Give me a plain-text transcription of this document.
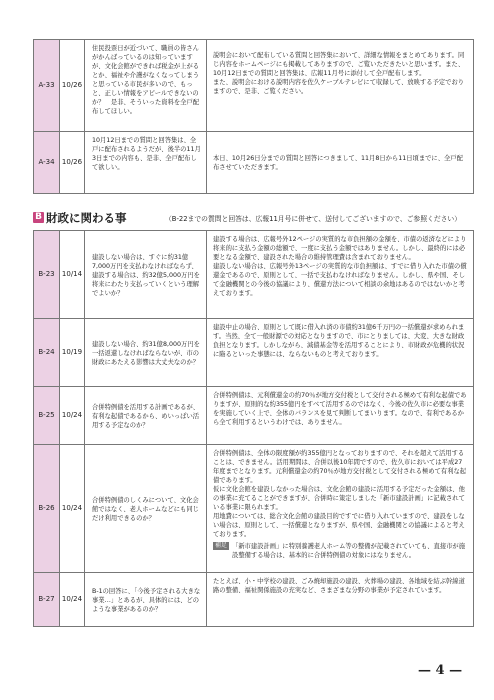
A-33	10/26	住民投票日が近づいて、職員の皆さんがかんばっているのは知っていますが、文化会館ができれば税金が上がるとか、福祉や介護がなくなってしまうと思っている市民が多いので、もっと、正しい情報をアピールできないのか？　是非、そういった資料を全戸配布してほしい。	説明会において配布している質問と回答集において、詳細な情報をまとめてあります。同じ内容をホームページにも掲載してありますので、ご覧いただきたいと思います。また、10月12日までの質問と回答集は、広報11月号に添付して全戸配布します。
また、説明会における説明内容を佐久ケーブルテレビにて収録して、放映する予定でおりますので、是非、ご覧ください。
A-34	10/26	10月12日までの質問と回答集は、全戸に配布されるようだが、後半の11月3日までの内容も、是非、全戸配布して欲しい。	本日、10月26日分までの質問と回答につきまして、11月8日から11日頃までに、全戸配布させていただきます。
B 財政に関わる事	（B-22までの質問と回答は、広報11月号に併せて、送付してございますので、ご参照ください）
B-23	10/14	建設しない場合は、すぐに約31億7,000万円を支払わなければならず、建設する場合は、約32億5,000万円を将来にわたり支払っていくという理解でよいか？	建設する場合は、広報号外12ページの実質的な市負担額の金額を、市債の返済などにより将来的に支払う金額の総額で、一度に支払う金額ではありません。しかし、最終的には必要となる金額で、建設された場合の維持管理費は含まれておりません。
建設しない場合は、広報号外13ページの実質的な市負担額は、すでに借り入れた市債の償還金であるので、原則として、一括で支払わなければなりません。しかし、県や国、そして金融機関との今後の協議により、償還方法について相談の余地はあるのではないかと考えております。
B-24	10/19	建設しない場合、約31億8,000万円を一括返還しなければならないが、市の財政にあたえる影響は大丈夫なのか？	建設中止の場合、原則として既に借入れ済の市債約31億6千万円の一括償還が求められます。当然、全て一般財源での対応となりますので、市にとりましては、大変、大きな財政負担となります。しかしながら、減債基金等を活用することにより、市財政が危機的状況に陥るといった事態には、ならないものと考えております。
B-25	10/24	合併特例債を活用する計画であるが、有利な起債であるから、めいっぱい活用する予定なのか？	合併特例債は、元利償還金の約70％が地方交付税として交付される極めて有利な起債でありますが、原則的な約355億円をすべて活用するのではなく、今後の佐久市に必要な事業を実施していく上で、全体のバランスを見て判断してまいります。なので、有利であるから全て利用するというわけでは、ありません。
B-26	10/24	合併特例債のしくみについて、文化会館ではなく、老人ホームなどにも同じだけ利用できるのか？	合併特例債は、全体の限度額が約355億円となっておりますので、それを超えて活用することは、できません。活用期間は、合併以後10年間ですので、佐久市においては平成27年度までとなります。元利償還金の約70％が地方交付税として交付される極めて有利な起債であります。
仮に文化会館を建設しなかった場合は、文化会館の建設に活用する予定だった金額は、他の事業に充てることができますが、合併時に策定しました「新市建設計画」に記載されている事業に限られます。
用地費については、総合文化会館の建設目的ですでに借り入れていますので、建設をしない場合は、原則として、一括償還となりますが、県や国、金融機関との協議によると考えております。
補足 「新市建設計画」に特別養護老人ホーム等の整備が記載されていても、直接市が施設整備する場合は、基本的に合併特例債の対象にはなりません。

B-27	10/24	B-1の回答に、「今後予定される大きな事業…」とあるが、具体的には、どのような事業があるのか？	たとえば、小・中学校の建設、ごみ焼却施設の建設、火葬場の建設、各地域を結ぶ幹線道路の整備、福祉関係施設の充実など、さまざまな分野の事業が予定されています。
— 4 —
